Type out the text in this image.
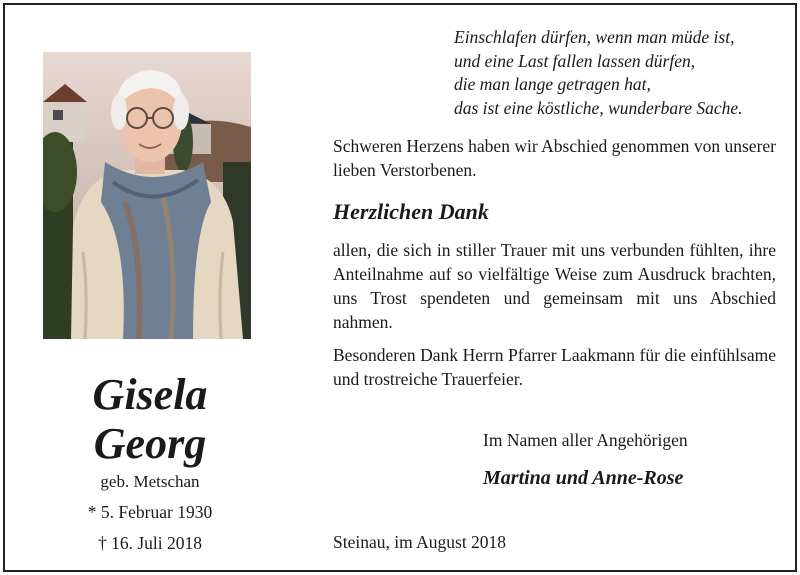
Einschlafen dürfen, wenn man müde ist,
und eine Last fallen lassen dürfen,
die man lange getragen hat,
das ist eine köstliche, wunderbare Sache.
Schweren Herzens haben wir Abschied genommen von unserer lieben Verstorbenen.
Herzlichen Dank
allen, die sich in stiller Trauer mit uns verbunden fühlten, ihre Anteilnahme auf so vielfältige Weise zum Ausdruck brachten, uns Trost spendeten und gemeinsam mit uns Abschied nahmen.
Besonderen Dank Herrn Pfarrer Laakmann für die einfühlsame und trostreiche Trauerfeier.
Gisela
Georg
geb. Metschan
* 5. Februar 1930
† 16. Juli 2018
Im Namen aller Angehörigen
Martina und Anne-Rose
Steinau, im August 2018
